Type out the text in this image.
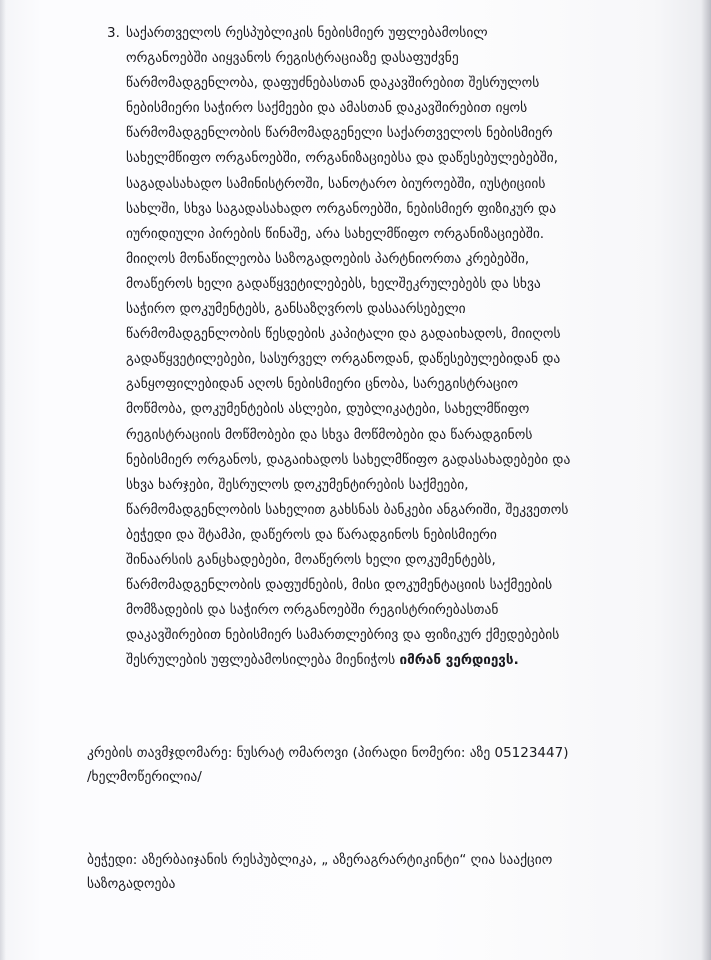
3. საქართველოს რესპუბლიკის ნებისმიერ უფლებამოსილ
ორგანოებში აიყვანოს რეგისტრაციაზე დასაფუძვნე
წარმომადგენლობა, დაფუძნებასთან დაკავშირებით შესრულოს
ნებისმიერი საჭირო საქმეები და ამასთან დაკავშირებით იყოს
წარმომადგენლობის წარმომადგენელი საქართველოს ნებისმიერ
სახელმწიფო ორგანოებში, ორგანიზაციებსა და დაწესებულებებში,
საგადასახადო სამინისტროში, სანოტარო ბიუროებში, იუსტიციის
სახლში, სხვა საგადასახადო ორგანოებში, ნებისმიერ ფიზიკურ და
იურიდიული პირების წინაშე, არა სახელმწიფო ორგანიზაციებში.
მიიღოს მონაწილეობა საზოგადოების პარტნიორთა კრებებში,
მოაწეროს ხელი გადაწყვეტილებებს, ხელშეკრულებებს და სხვა
საჭირო დოკუმენტებს, განსაზღვროს დასაარსებელი
წარმომადგენლობის წესდების კაპიტალი და გადაიხადოს, მიიღოს
გადაწყვეტილებები, სასურველ ორგანოდან, დაწესებულებიდან და
განყოფილებიდან აღოს ნებისმიერი ცნობა, სარეგისტრაციო
მოწმობა, დოკუმენტების ასლები, დუბლიკატები, სახელმწიფო
რეგისტრაციის მოწმობები და სხვა მოწმობები და წარადგინოს
ნებისმიერ ორგანოს, დაგაიხადოს სახელმწიფო გადასახადებები და
სხვა ხარჯები, შესრულოს დოკუმენტირების საქმეები,
წარმომადგენლობის სახელით გახსნას ბანკები ანგარიში, შეკვეთოს
ბეჭედი და შტამპი, დაწეროს და წარადგინოს ნებისმიერი
შინაარსის განცხადებები, მოაწეროს ხელი დოკუმენტებს,
წარმომადგენლობის დაფუძნების, მისი დოკუმენტაციის საქმეების
მომზადების და საჭირო ორგანოებში რეგისტრირებასთან
დაკავშირებით ნებისმიერ სამართლებრივ და ფიზიკურ ქმედებების
შესრულების უფლებამოსილება მიენიჭოს იმრან ვერდიევს.
კრების თავმჯდომარე: ნუსრატ ომაროვი (პირადი ნომერი: აზე 05123447)
/ხელმოწერილია/
ბეჭედი: აზერბაიჯანის რესპუბლიკა, „ აზერაგრარტიკინტი“ ღია სააქციო
საზოგადოება
